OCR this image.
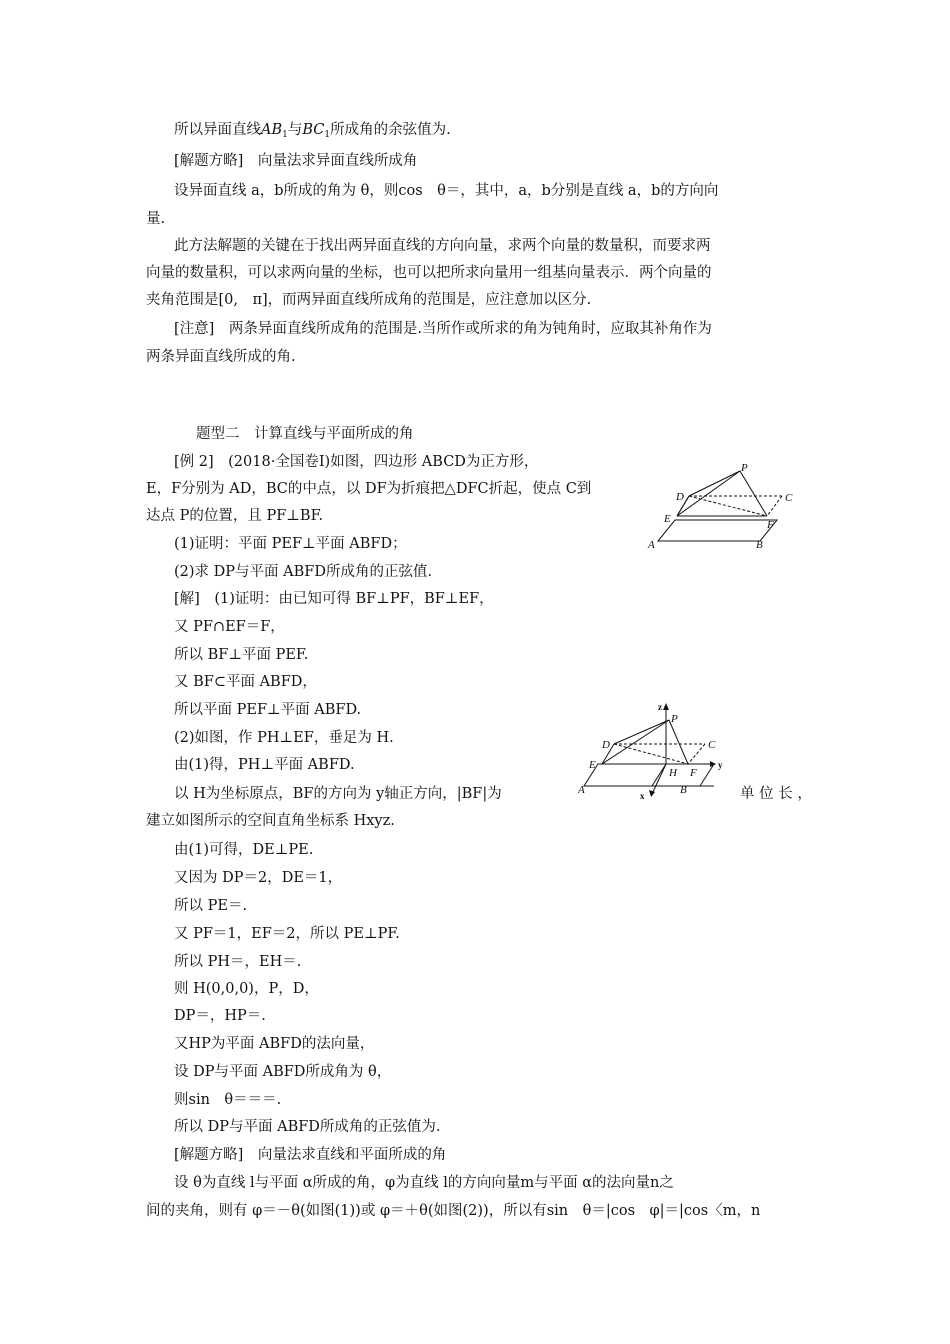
所以异面直线$AB_1$与$BC_1$所成角的余弦值为.
[解题方略]　向量法求异面直线所成角
设异面直线 a，b所成的角为 θ，则cos　θ＝，其中，a，b分别是直线 a，b的方向向
量.
此方法解题的关键在于找出两异面直线的方向向量，求两个向量的数量积，而要求两
向量的数量积，可以求两向量的坐标，也可以把所求向量用一组基向量表示．两个向量的
夹角范围是[0,　π]，而两异面直线所成角的范围是，应注意加以区分.
[注意]　两条异面直线所成角的范围是.当所作或所求的角为钝角时，应取其补角作为
两条异面直线所成的角.
题型二　计算直线与平面所成的角
[例 2]　(2018·全国卷Ⅰ)如图，四边形 ABCD为正方形，
E，F分别为 AD，BC的中点，以 DF为折痕把△DFC折起，使点 C到
达点 P的位置，且 PF⊥BF.
(1)证明：平面 PEF⊥平面 ABFD；
(2)求 DP与平面 ABFD所成角的正弦值.
[解]　(1)证明：由已知可得 BF⊥PF，BF⊥EF，
又 PF∩EF＝F，
所以 BF⊥平面 PEF.
又 BF⊂平面 ABFD，
所以平面 PEF⊥平面 ABFD.
(2)如图，作 PH⊥EF，垂足为 H.
由(1)得，PH⊥平面 ABFD.
以 H为坐标原点，BF的方向为 y轴正方向，|BF|为	单 位 长 ，
建立如图所示的空间直角坐标系 Hxyz.
由(1)可得，DE⊥PE.
又因为 DP＝2，DE＝1，
所以 PE＝.
又 PF＝1，EF＝2，所以 PE⊥PF.
所以 PH＝，EH＝.
则 H(0,0,0)，P，D，
DP＝，HP＝.
又HP为平面 ABFD的法向量，
设 DP与平面 ABFD所成角为 θ，
则sin　θ＝＝＝.
所以 DP与平面 ABFD所成角的正弦值为.
[解题方略]　向量法求直线和平面所成的角
设 θ为直线 l与平面 α所成的角，φ为直线 l的方向向量m与平面 α的法向量n之
间的夹角，则有 φ＝－θ(如图(1))或 φ＝＋θ(如图(2))，所以有sin　θ＝|cos　φ|＝|cos〈m，n
P
D	C
E	F
A	B
z
P
D	C
E
H F
y
A	x	B
